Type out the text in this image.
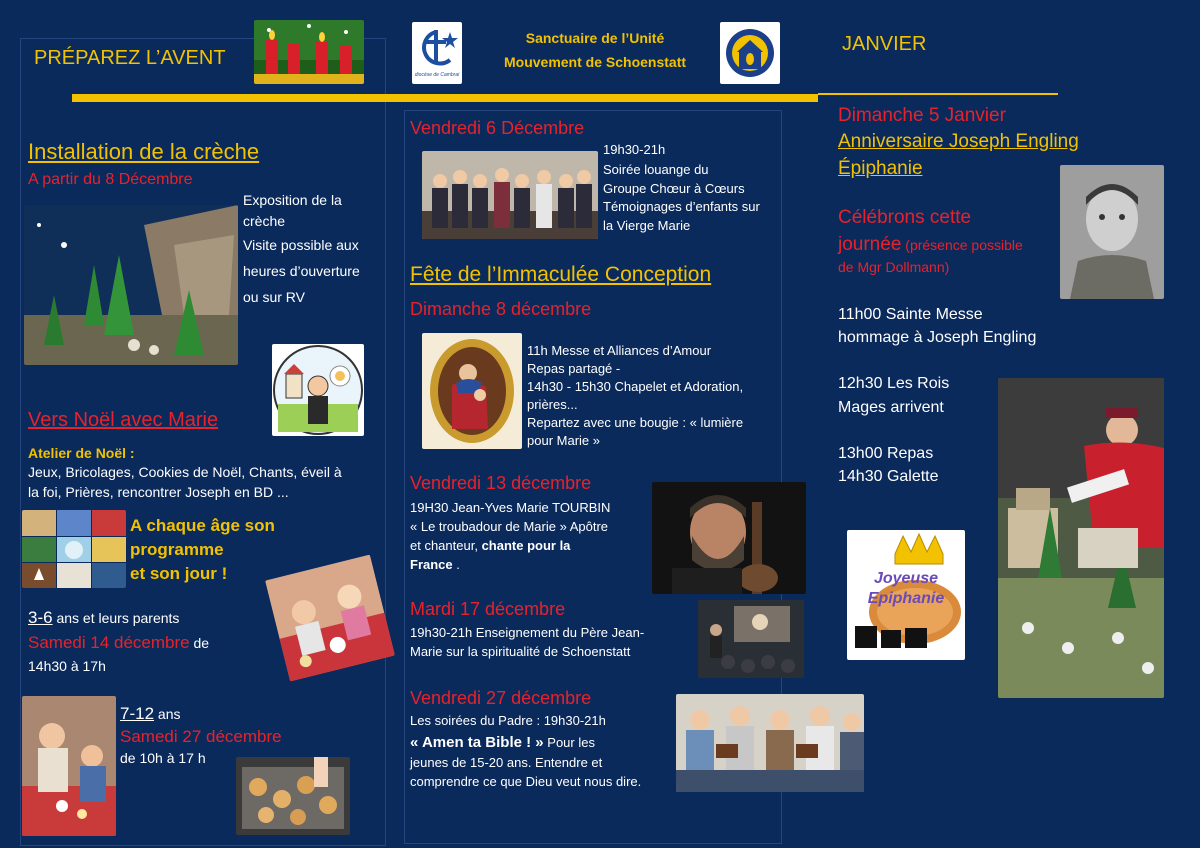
PRÉPAREZ L’AVENT
diocèse de Cambrai
Sanctuaire de l’Unité
Mouvement de Schoenstatt
JANVIER
Installation de la crèche
A partir du 8 Décembre
Exposition de la
crèche
Visite possible aux
heures d’ouverture
ou sur RV
Vers Noël avec Marie
Atelier de Noël :
Jeux, Bricolages, Cookies de Noël, Chants, éveil à
la foi, Prières, rencontrer Joseph en BD ...
A chaque âge son
programme
et son jour !
3-6 ans et leurs parents
Samedi 14 décembre de
14h30 à 17h
7-12 ans
Samedi 27 décembre
de 10h à 17 h
Vendredi 6 Décembre
19h30-21h
Soirée louange du
Groupe Chœur à Cœurs
Témoignages d’enfants sur
la Vierge Marie
Fête de l’Immaculée Conception
Dimanche 8 décembre
11h Messe et Alliances d’Amour
Repas partagé -
14h30 - 15h30 Chapelet et Adoration,
prières...
Repartez avec une bougie : « lumière
pour Marie »
Vendredi 13 décembre
19H30 Jean-Yves Marie TOURBIN
« Le troubadour de Marie » Apôtre
et chanteur, chante pour la
France .
Mardi 17 décembre
19h30-21h Enseignement du Père Jean-
Marie sur la spiritualité de Schoenstatt
Vendredi 27 décembre
Les soirées du Padre : 19h30-21h
« Amen ta Bible ! » Pour les
jeunes de 15-20 ans. Entendre et
comprendre ce que Dieu veut nous dire.
Dimanche 5 Janvier
Anniversaire Joseph Engling
Épiphanie
Célébrons cette
journée (présence possible
de Mgr Dollmann)
11h00 Sainte Messe
hommage à Joseph Engling
12h30 Les Rois
Mages arrivent
13h00 Repas
14h30 Galette
Joyeuse
Epiphanie
